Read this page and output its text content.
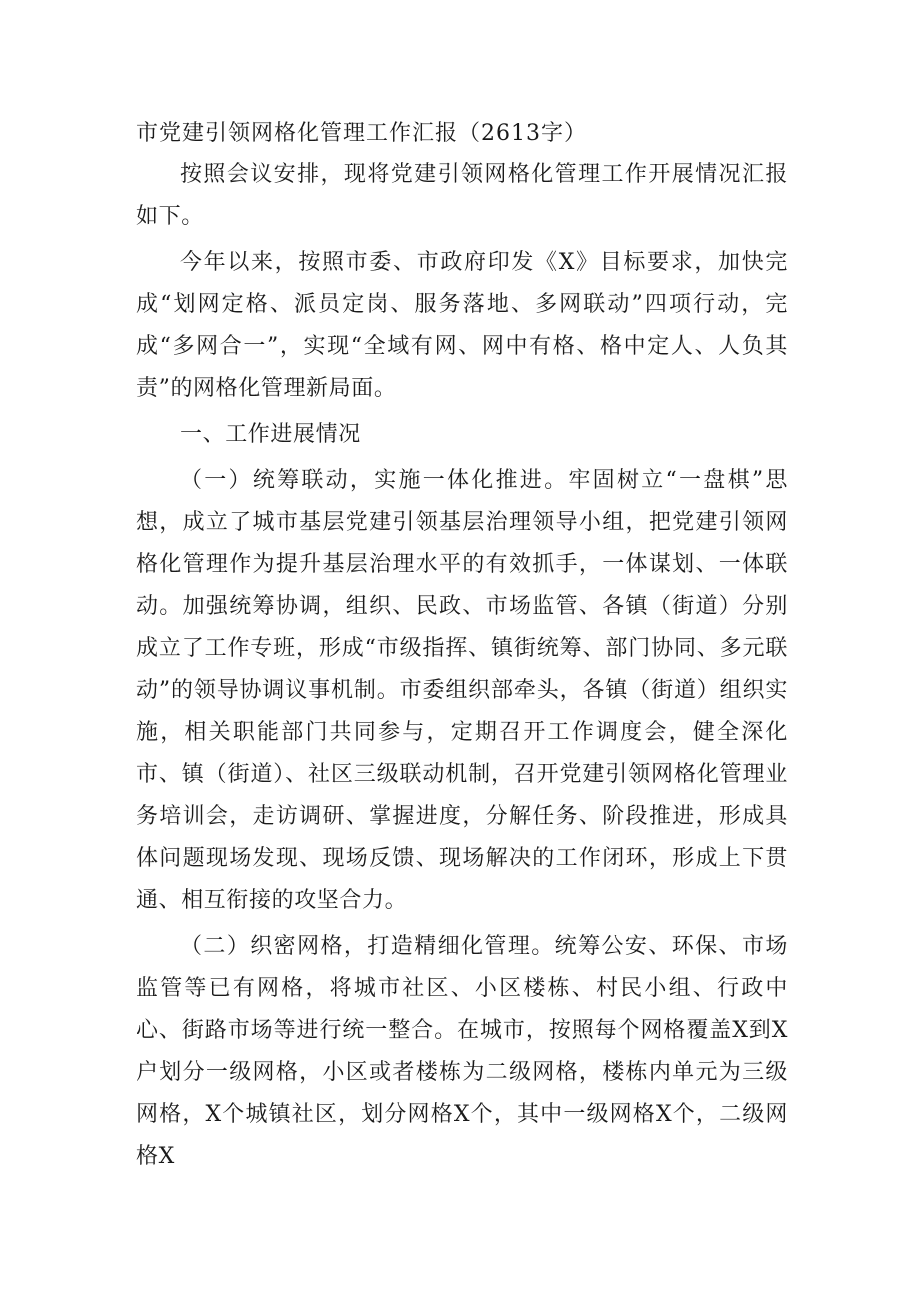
市党建引领网格化管理工作汇报（2613字）

按照会议安排，现将党建引领网格化管理工作开展情况汇报如下。

今年以来，按照市委、市政府印发《X》目标要求，加快完成“划网定格、派员定岗、服务落地、多网联动”四项行动，完成“多网合一”，实现“全域有网、网中有格、格中定人、人负其责”的网格化管理新局面。

一、工作进展情况

（一）统筹联动，实施一体化推进。牢固树立“一盘棋”思想，成立了城市基层党建引领基层治理领导小组，把党建引领网格化管理作为提升基层治理水平的有效抓手，一体谋划、一体联动。加强统筹协调，组织、民政、市场监管、各镇（街道）分别成立了工作专班，形成“市级指挥、镇街统筹、部门协同、多元联动”的领导协调议事机制。市委组织部牵头，各镇（街道）组织实施，相关职能部门共同参与，定期召开工作调度会，健全深化市、镇（街道）、社区三级联动机制，召开党建引领网格化管理业务培训会，走访调研、掌握进度，分解任务、阶段推进，形成具体问题现场发现、现场反馈、现场解决的工作闭环，形成上下贯通、相互衔接的攻坚合力。

（二）织密网格，打造精细化管理。统筹公安、环保、市场监管等已有网格，将城市社区、小区楼栋、村民小组、行政中心、街路市场等进行统一整合。在城市，按照每个网格覆盖X到X户划分一级网格，小区或者楼栋为二级网格，楼栋内单元为三级网格，X个城镇社区，划分网格X个，其中一级网格X个，二级网格X
